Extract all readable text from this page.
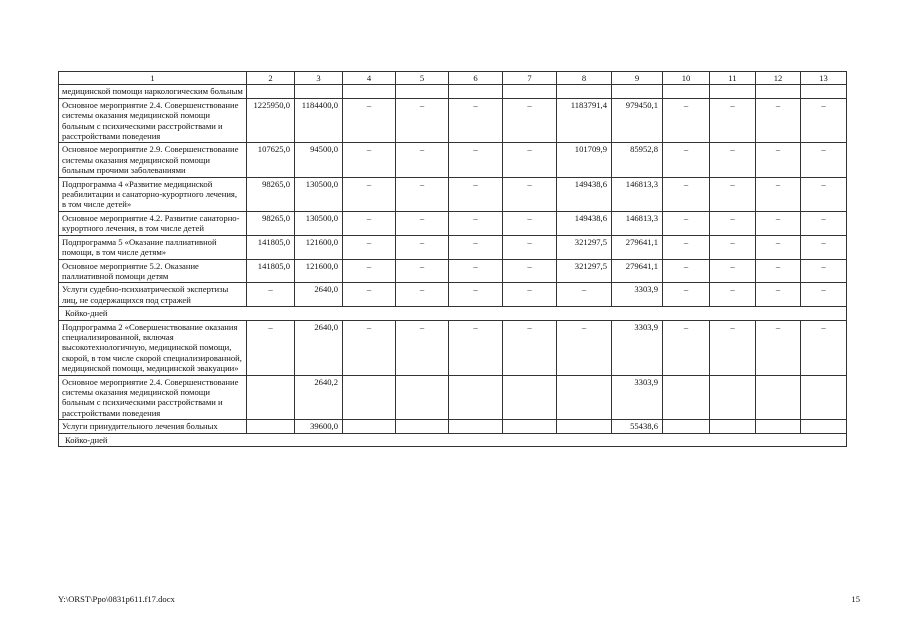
1	2	3	4	5	6	7	8	9	10	11	12	13
медицинской помощи наркологическим больным												
Основное мероприятие 2.4. Совершенствование системы оказания медицинской помощи больным с психическими расстройствами и расстройствами поведения	1225950,0	1184400,0	–	–	–	–	1183791,4	979450,1	–	–	–	–
Основное мероприятие 2.9. Совершенствование системы оказания медицинской помощи больным прочими заболеваниями	107625,0	94500,0	–	–	–	–	101709,9	85952,8	–	–	–	–
Подпрограмма 4 «Развитие медицинской реабилитации и санаторно-курортного лечения, в том числе детей»	98265,0	130500,0	–	–	–	–	149438,6	146813,3	–	–	–	–
Основное мероприятие 4.2. Развитие санаторно-курортного лечения, в том числе детей	98265,0	130500,0	–	–	–	–	149438,6	146813,3	–	–	–	–
Подпрограмма 5 «Оказание паллиативной помощи, в том числе детям»	141805,0	121600,0	–	–	–	–	321297,5	279641,1	–	–	–	–
Основное мероприятие 5.2. Оказание паллиативной помощи детям	141805,0	121600,0	–	–	–	–	321297,5	279641,1	–	–	–	–
Услуги судебно-психиатрической экспертизы лиц, не содержащихся под стражей	–	2640,0	–	–	–	–	–	3303,9	–	–	–	–
Койко-дней												
Подпрограмма 2 «Совершенствование оказания специализированной, включая высокотехнологичную, медицинской помощи, скорой, в том числе скорой специализированной, медицинской помощи, медицинской эвакуации»	–	2640,0	–	–	–	–	–	3303,9	–	–	–	–
Основное мероприятие 2.4. Совершенствование системы оказания медицинской помощи больным с психическими расстройствами и расстройствами поведения		2640,2						3303,9				
Услуги принудительного лечения больных		39600,0						55438,6				
Койко-дней												
Y:\ORST\Ppo\0831p611.f17.docx	15
